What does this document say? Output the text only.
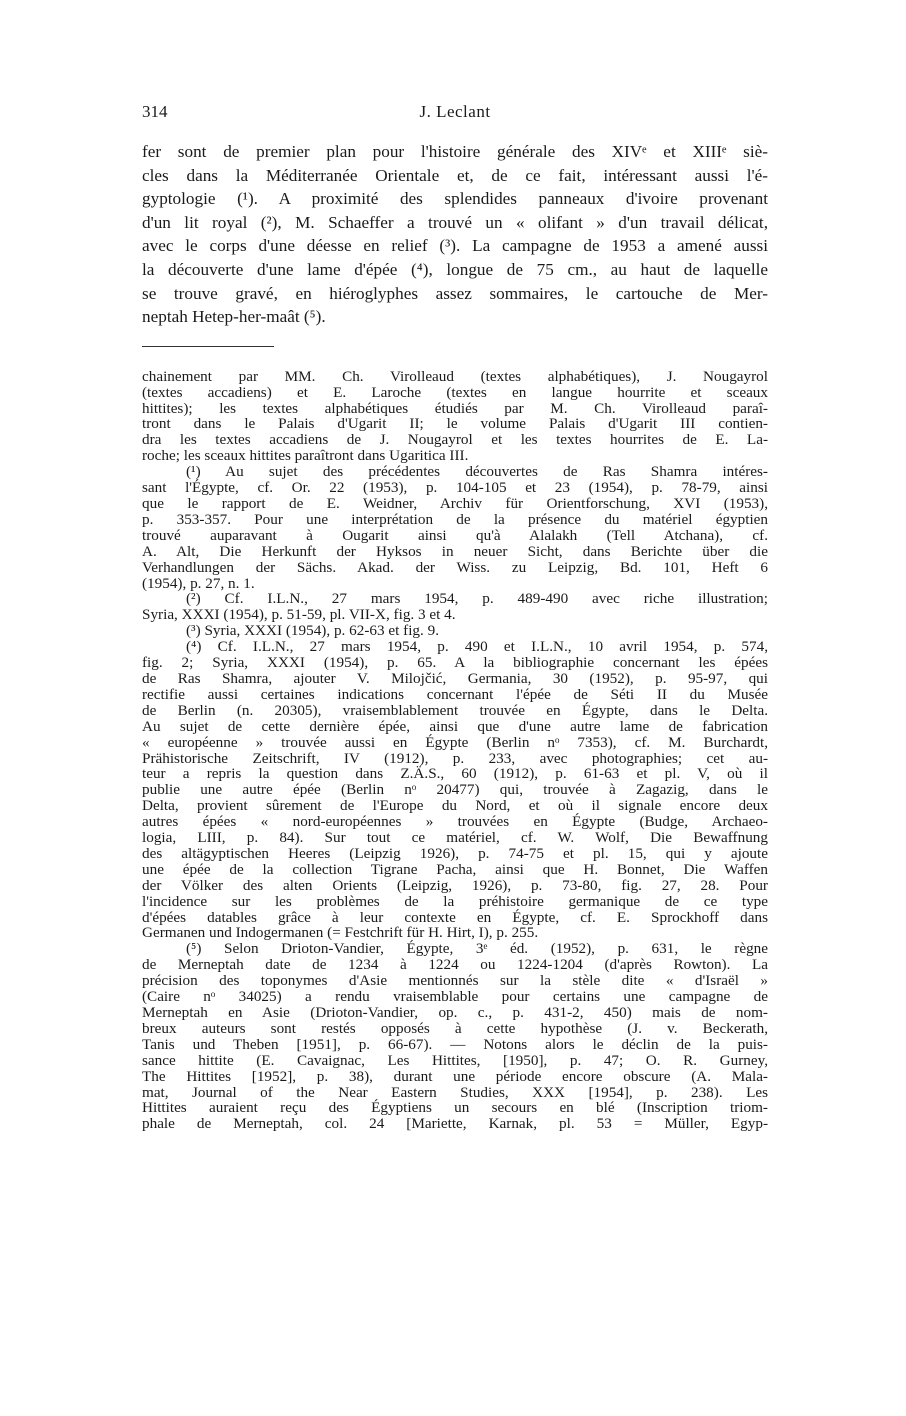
314	J. Leclant
fer sont de premier plan pour l'histoire générale des XIVᵉ et XIIIᵉ siè-
cles dans la Méditerranée Orientale et, de ce fait, intéressant aussi l'é-
gyptologie (¹). A proximité des splendides panneaux d'ivoire provenant
d'un lit royal (²), M. Schaeffer a trouvé un « olifant » d'un travail délicat,
avec le corps d'une déesse en relief (³). La campagne de 1953 a amené aussi
la découverte d'une lame d'épée (⁴), longue de 75 cm., au haut de laquelle
se trouve gravé, en hiéroglyphes assez sommaires, le cartouche de Mer-
neptah Hetep-her-maât (⁵).
chainement par MM. Ch. Virolleaud (textes alphabétiques), J. Nougayrol
(textes accadiens) et E. Laroche (textes en langue hourrite et sceaux
hittites); les textes alphabétiques étudiés par M. Ch. Virolleaud paraî-
tront dans le Palais d'Ugarit II; le volume Palais d'Ugarit III contien-
dra les textes accadiens de J. Nougayrol et les textes hourrites de E. La-
roche; les sceaux hittites paraîtront dans Ugaritica III.
(¹) Au sujet des précédentes découvertes de Ras Shamra intéres-
sant l'Égypte, cf. Or. 22 (1953), p. 104-105 et 23 (1954), p. 78-79, ainsi
que le rapport de E. Weidner, Archiv für Orientforschung, XVI (1953),
p. 353-357. Pour une interprétation de la présence du matériel égyptien
trouvé auparavant à Ougarit ainsi qu'à Alalakh (Tell Atchana), cf.
A. Alt, Die Herkunft der Hyksos in neuer Sicht, dans Berichte über die
Verhandlungen der Sächs. Akad. der Wiss. zu Leipzig, Bd. 101, Heft 6
(1954), p. 27, n. 1.
(²) Cf. I.L.N., 27 mars 1954, p. 489-490 avec riche illustration;
Syria, XXXI (1954), p. 51-59, pl. VII-X, fig. 3 et 4.
(³) Syria, XXXI (1954), p. 62-63 et fig. 9.
(⁴) Cf. I.L.N., 27 mars 1954, p. 490 et I.L.N., 10 avril 1954, p. 574,
fig. 2; Syria, XXXI (1954), p. 65. A la bibliographie concernant les épées
de Ras Shamra, ajouter V. Milojčić, Germania, 30 (1952), p. 95-97, qui
rectifie aussi certaines indications concernant l'épée de Séti II du Musée
de Berlin (n. 20305), vraisemblablement trouvée en Égypte, dans le Delta.
Au sujet de cette dernière épée, ainsi que d'une autre lame de fabrication
« européenne » trouvée aussi en Égypte (Berlin nᵒ 7353), cf. M. Burchardt,
Prähistorische Zeitschrift, IV (1912), p. 233, avec photographies; cet au-
teur a repris la question dans Z.Ä.S., 60 (1912), p. 61-63 et pl. V, où il
publie une autre épée (Berlin nᵒ 20477) qui, trouvée à Zagazig, dans le
Delta, provient sûrement de l'Europe du Nord, et où il signale encore deux
autres épées « nord-européennes » trouvées en Égypte (Budge, Archaeo-
logia, LIII, p. 84). Sur tout ce matériel, cf. W. Wolf, Die Bewaffnung
des altägyptischen Heeres (Leipzig 1926), p. 74-75 et pl. 15, qui y ajoute
une épée de la collection Tigrane Pacha, ainsi que H. Bonnet, Die Waffen
der Völker des alten Orients (Leipzig, 1926), p. 73-80, fig. 27, 28. Pour
l'incidence sur les problèmes de la préhistoire germanique de ce type
d'épées datables grâce à leur contexte en Égypte, cf. E. Sprockhoff dans
Germanen und Indogermanen (= Festchrift für H. Hirt, I), p. 255.
(⁵) Selon Drioton-Vandier, Égypte, 3ᵉ éd. (1952), p. 631, le règne
de Merneptah date de 1234 à 1224 ou 1224-1204 (d'après Rowton). La
précision des toponymes d'Asie mentionnés sur la stèle dite « d'Israël »
(Caire nᵒ 34025) a rendu vraisemblable pour certains une campagne de
Merneptah en Asie (Drioton-Vandier, op. c., p. 431-2, 450) mais de nom-
breux auteurs sont restés opposés à cette hypothèse (J. v. Beckerath,
Tanis und Theben [1951], p. 66-67). — Notons alors le déclin de la puis-
sance hittite (E. Cavaignac, Les Hittites, [1950], p. 47; O. R. Gurney,
The Hittites [1952], p. 38), durant une période encore obscure (A. Mala-
mat, Journal of the Near Eastern Studies, XXX [1954], p. 238). Les
Hittites auraient reçu des Égyptiens un secours en blé (Inscription triom-
phale de Merneptah, col. 24 [Mariette, Karnak, pl. 53 = Müller, Egyp-
